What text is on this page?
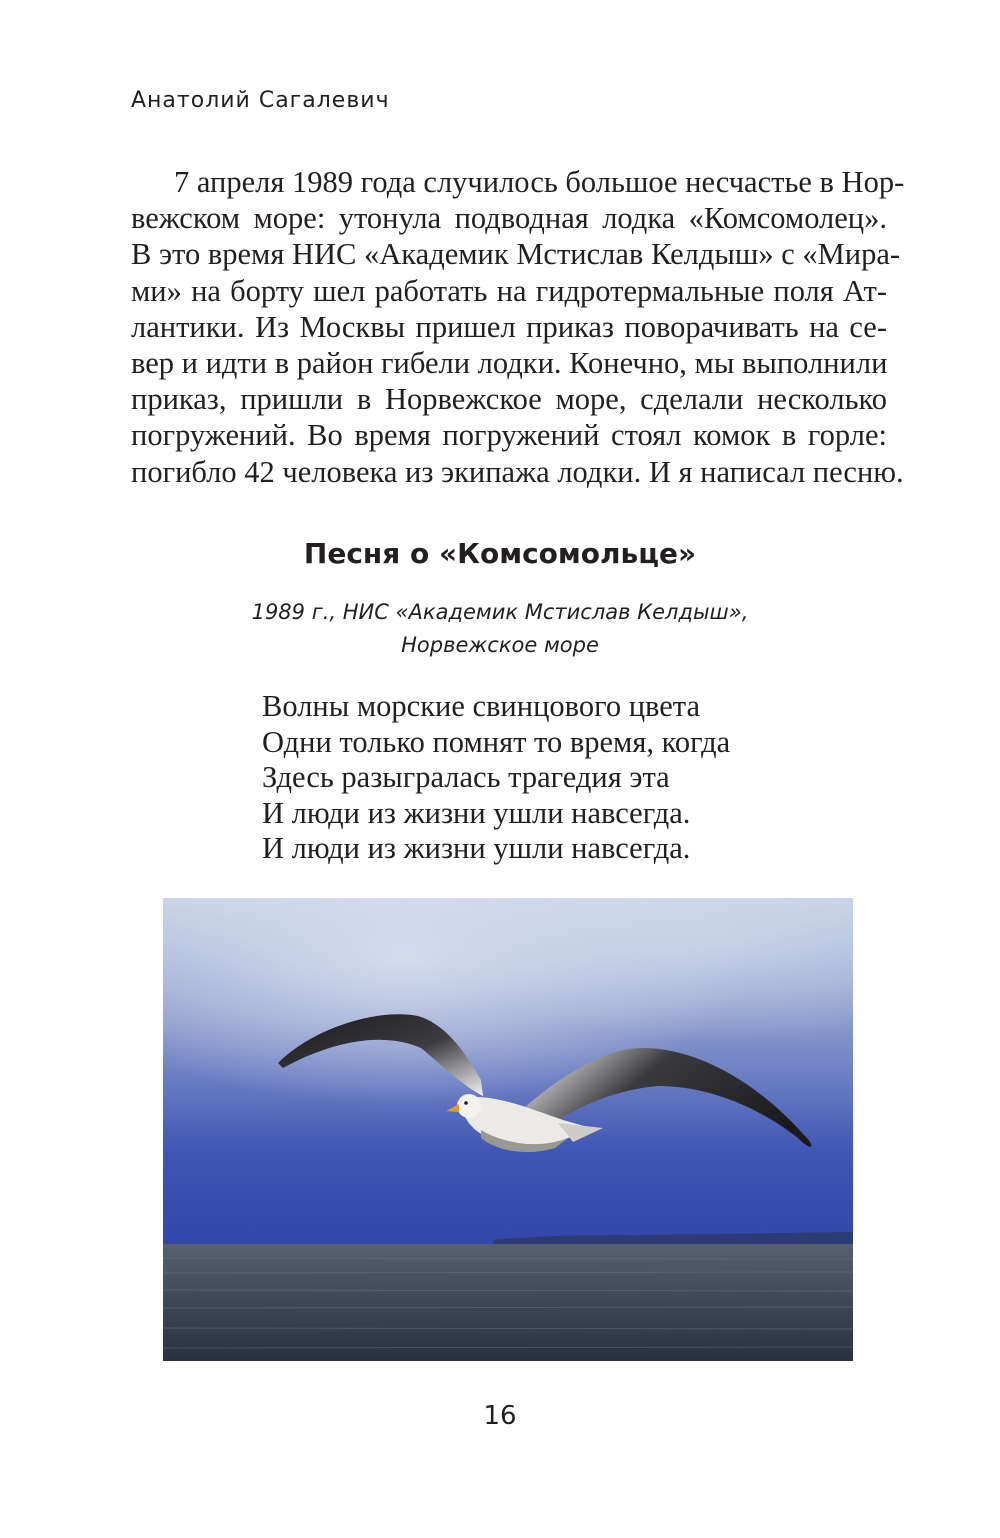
Анатолий Сагалевич
7 апреля 1989 года случилось большое несчастье в Нор-
вежском море: утонула подводная лодка «Комсомолец».
В это время НИС «Академик Мстислав Келдыш» с «Мира-
ми» на борту шел работать на гидротермальные поля Ат-
лантики. Из Москвы пришел приказ поворачивать на се-
вер и идти в район гибели лодки. Конечно, мы выполнили
приказ, пришли в Норвежское море, сделали несколько
погружений. Во время погружений стоял комок в горле:
погибло 42 человека из экипажа лодки. И я написал песню.
Песня о «Комсомольце»
1989 г., НИС «Академик Мстислав Келдыш»,
Норвежское море
Волны морские свинцового цвета
Одни только помнят то время, когда
Здесь разыгралась трагедия эта
И люди из жизни ушли навсегда.
И люди из жизни ушли навсегда.
16
